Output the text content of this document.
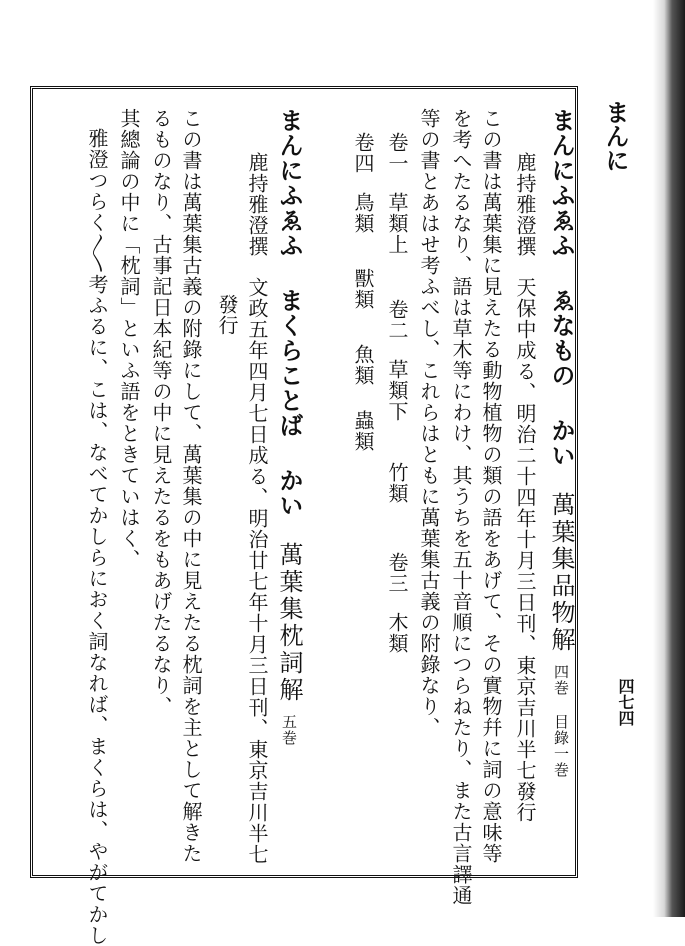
まんに
四七四
まんにふゑふ ゑなもの かい萬葉集品物解四巻目錄一巻
鹿持雅澄撰天保中成る、明治二十四年十月三日刊、東京吉川半七發行
この書は萬葉集に見えたる動物植物の類の語をあげて、その實物幷に詞の意味等
を考へたるなり、語は草木等にわけ、其うちを五十音順につらねたり、また古言譯通
等の書とあはせ考ふべし、これらはともに萬葉集古義の附錄なり、
卷一草類上卷二草類下竹類卷三木類
卷四鳥類獸類魚類蟲類
まんにふゑふ まくらことば かい萬葉集枕詞解五巻
鹿持雅澄撰文政五年四月七日成る、明治廿七年十月三日刊、東京吉川半七
發行
この書は萬葉集古義の附錄にして、萬葉集の中に見えたる枕詞を主として解きた
るものなり、古事記日本紀等の中に見えたるをもあげたるなり、
其總論の中に「枕詞」といふ語をときていはく、
雅澄つらく〳〵考ふるに、こは、なべてかしらにおく詞なれば、まくらは、やがてかし
